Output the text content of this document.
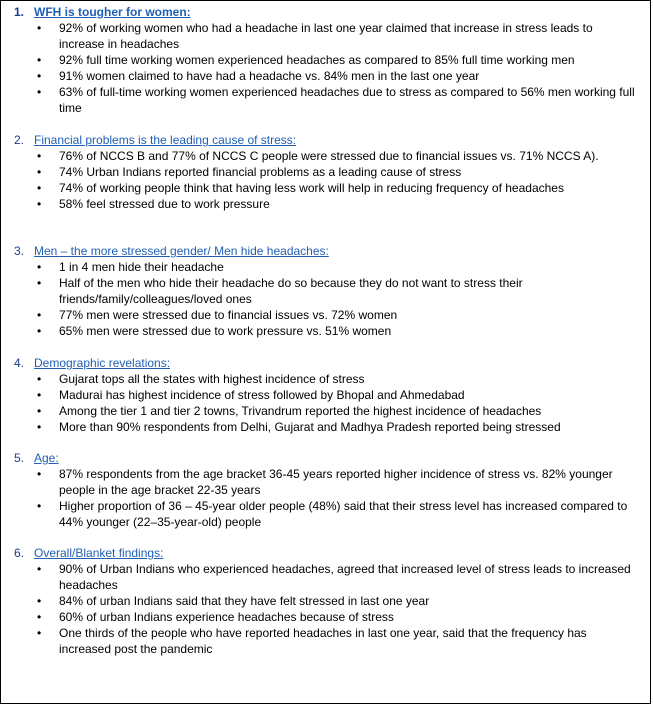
1. WFH is tougher for women:
• 92% of working women who had a headache in last one year claimed that increase in stress leads to increase in headaches
• 92% full time working women experienced headaches as compared to 85% full time working men
• 91% women claimed to have had a headache vs. 84% men in the last one year
• 63% of full-time working women experienced headaches due to stress as compared to 56% men working full time
2. Financial problems is the leading cause of stress:
• 76% of NCCS B and 77% of NCCS C people were stressed due to financial issues vs. 71% NCCS A).
• 74% Urban Indians reported financial problems as a leading cause of stress
• 74% of working people think that having less work will help in reducing frequency of headaches
• 58% feel stressed due to work pressure
3. Men – the more stressed gender/ Men hide headaches:
• 1 in 4 men hide their headache
• Half of the men who hide their headache do so because they do not want to stress their friends/family/colleagues/loved ones
• 77% men were stressed due to financial issues vs. 72% women
• 65% men were stressed due to work pressure vs. 51% women
4. Demographic revelations:
• Gujarat tops all the states with highest incidence of stress
• Madurai has highest incidence of stress followed by Bhopal and Ahmedabad
• Among the tier 1 and tier 2 towns, Trivandrum reported the highest incidence of headaches
• More than 90% respondents from Delhi, Gujarat and Madhya Pradesh reported being stressed
5. Age:
• 87% respondents from the age bracket 36-45 years reported higher incidence of stress vs. 82% younger people in the age bracket 22-35 years
• Higher proportion of 36 – 45-year older people (48%) said that their stress level has increased compared to 44% younger (22–35-year-old) people
6. Overall/Blanket findings:
• 90% of Urban Indians who experienced headaches, agreed that increased level of stress leads to increased headaches
• 84% of urban Indians said that they have felt stressed in last one year
• 60% of urban Indians experience headaches because of stress
• One thirds of the people who have reported headaches in last one year, said that the frequency has increased post the pandemic
